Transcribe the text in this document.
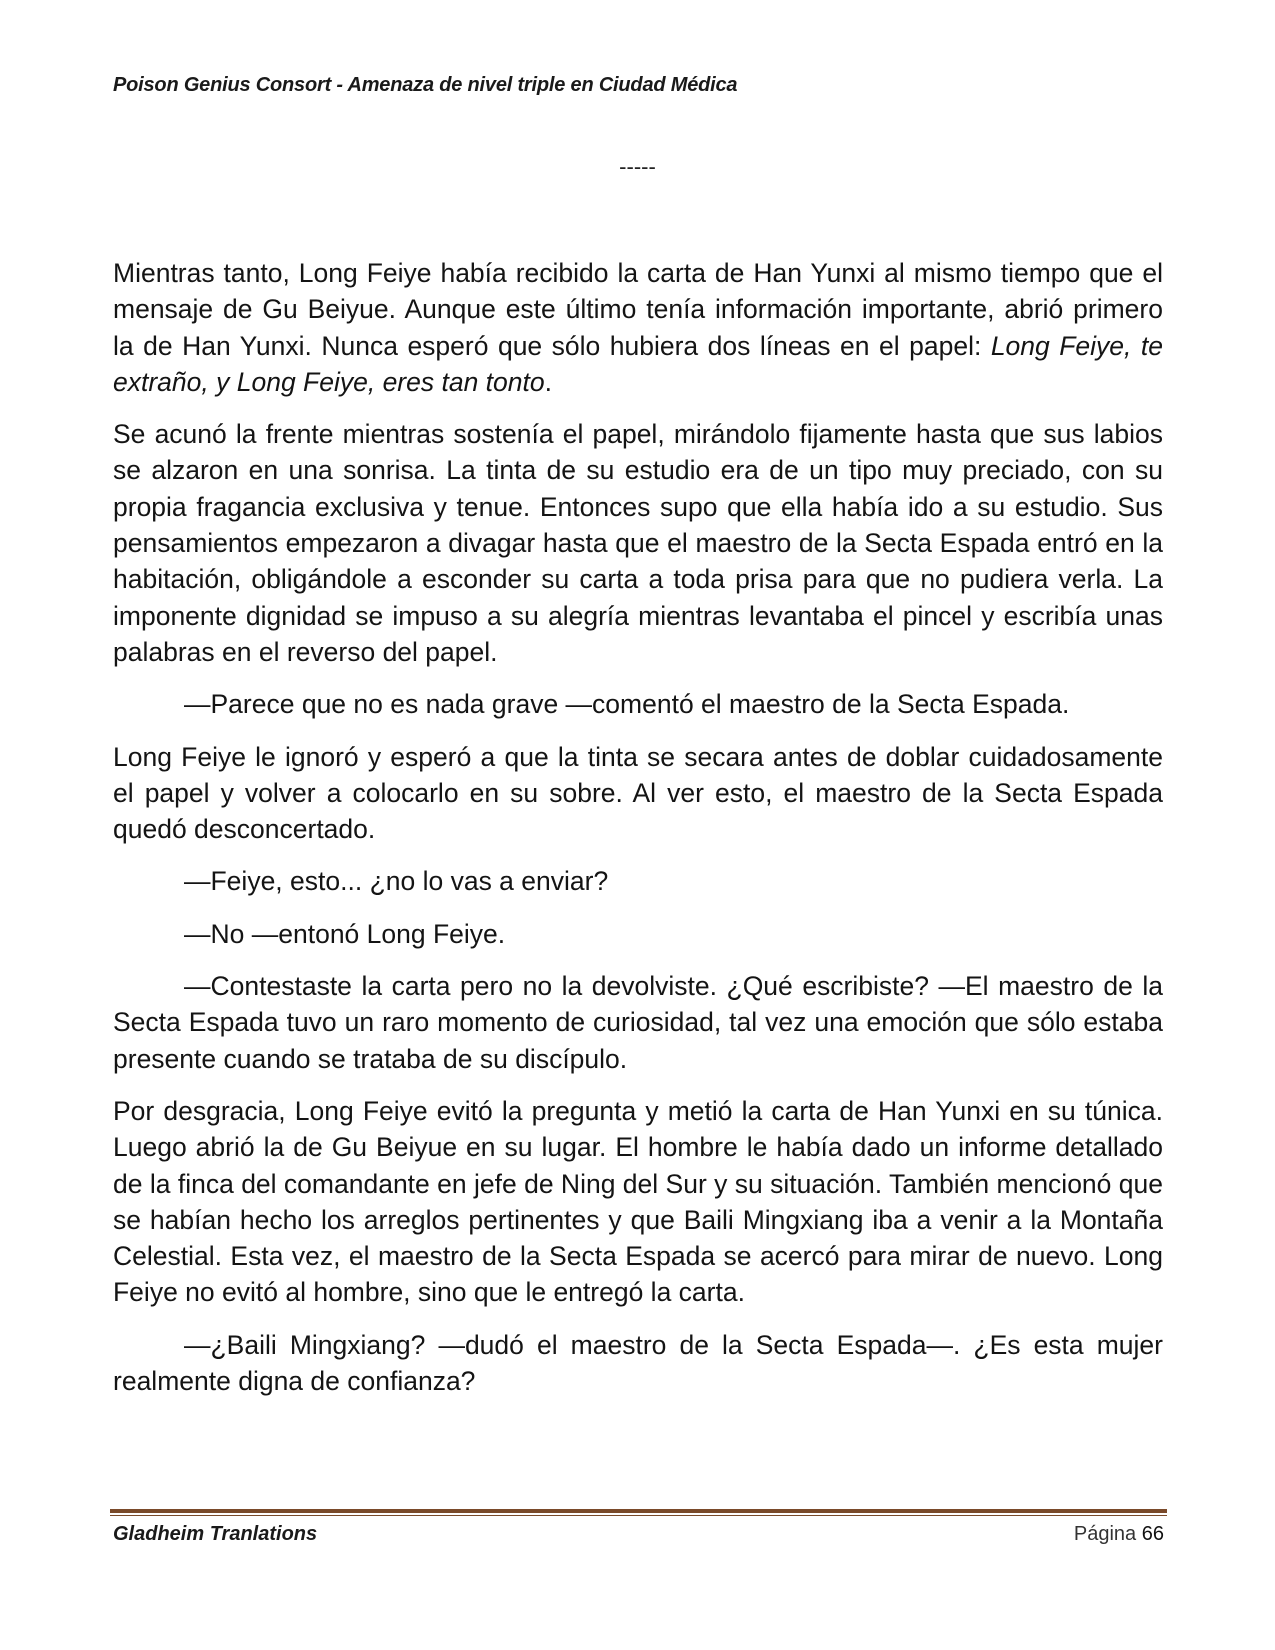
Poison Genius Consort - Amenaza de nivel triple en Ciudad Médica
-----

Mientras tanto, Long Feiye había recibido la carta de Han Yunxi al mismo tiempo que el mensaje de Gu Beiyue. Aunque este último tenía información importante, abrió primero la de Han Yunxi. Nunca esperó que sólo hubiera dos líneas en el papel: Long Feiye, te extraño, y Long Feiye, eres tan tonto.

Se acunó la frente mientras sostenía el papel, mirándolo fijamente hasta que sus labios se alzaron en una sonrisa. La tinta de su estudio era de un tipo muy preciado, con su propia fragancia exclusiva y tenue. Entonces supo que ella había ido a su estudio. Sus pensamientos empezaron a divagar hasta que el maestro de la Secta Espada entró en la habitación, obligándole a esconder su carta a toda prisa para que no pudiera verla. La imponente dignidad se impuso a su alegría mientras levantaba el pincel y escribía unas palabras en el reverso del papel.

—Parece que no es nada grave —comentó el maestro de la Secta Espada.

Long Feiye le ignoró y esperó a que la tinta se secara antes de doblar cuidadosamente el papel y volver a colocarlo en su sobre. Al ver esto, el maestro de la Secta Espada quedó desconcertado.

—Feiye, esto... ¿no lo vas a enviar?

—No —entonó Long Feiye.

—Contestaste la carta pero no la devolviste. ¿Qué escribiste? —El maestro de la Secta Espada tuvo un raro momento de curiosidad, tal vez una emoción que sólo estaba presente cuando se trataba de su discípulo.

Por desgracia, Long Feiye evitó la pregunta y metió la carta de Han Yunxi en su túnica. Luego abrió la de Gu Beiyue en su lugar. El hombre le había dado un informe detallado de la finca del comandante en jefe de Ning del Sur y su situación. También mencionó que se habían hecho los arreglos pertinentes y que Baili Mingxiang iba a venir a la Montaña Celestial. Esta vez, el maestro de la Secta Espada se acercó para mirar de nuevo. Long Feiye no evitó al hombre, sino que le entregó la carta.

—¿Baili Mingxiang? —dudó el maestro de la Secta Espada—. ¿Es esta mujer realmente digna de confianza?

Gladheim Tranlations	Página 66
